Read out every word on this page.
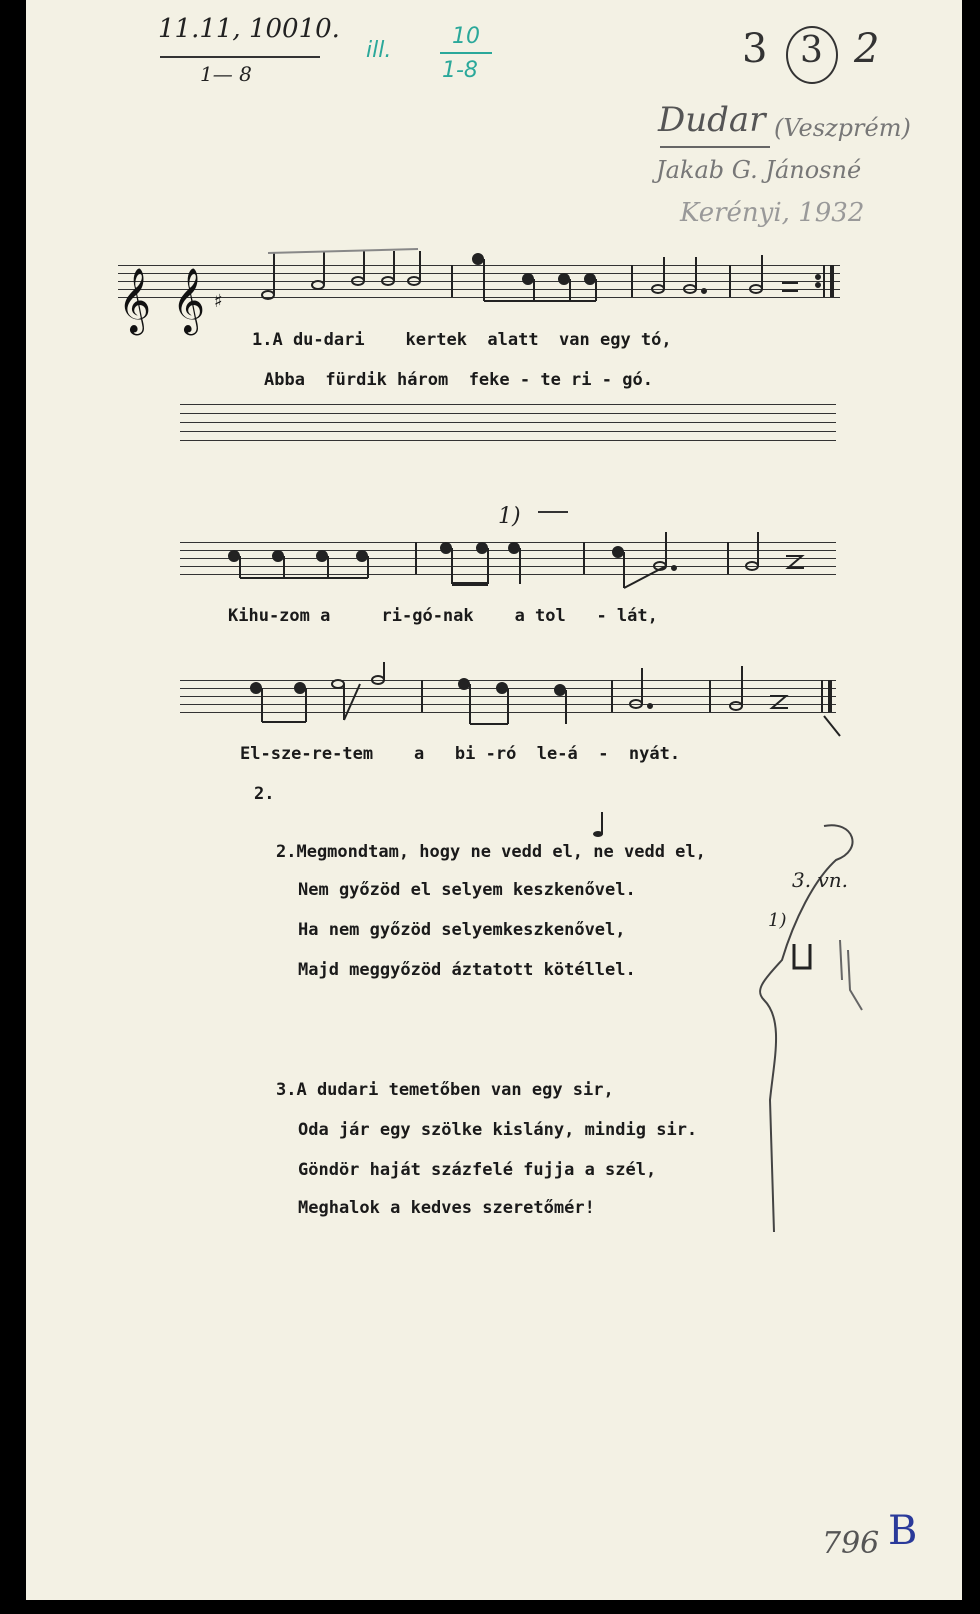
11.11, 10010.
1— 8
ill.
10
1-8	3 3 2
Dudar (Veszprém)
Jakab G. Jánosné
Kerényi, 1932
𝄞 𝄞 ♯
1.A du-dari    kertek  alatt  van egy tó,
Abba  fürdik három  feke - te ri - gó.
1)
Kihu-zom a     ri-gó-nak    a tol   - lát,
El-sze-re-tem    a   bi -ró  le-á  -  nyát.
2.
2.Megmondtam, hogy ne vedd el, ne vedd el,
Nem győzöd el selyem keszkenővel.
Ha nem győzöd selyemkeszkenővel,
Majd meggyőzöd áztatott kötéllel.
3. vn.
1)
3.A dudari temetőben van egy sir,
Oda jár egy szölke kislány, mindig sir.
Göndör haját százfelé fujja a szél,
Meghalok a kedves szeretőmér!
796 B
